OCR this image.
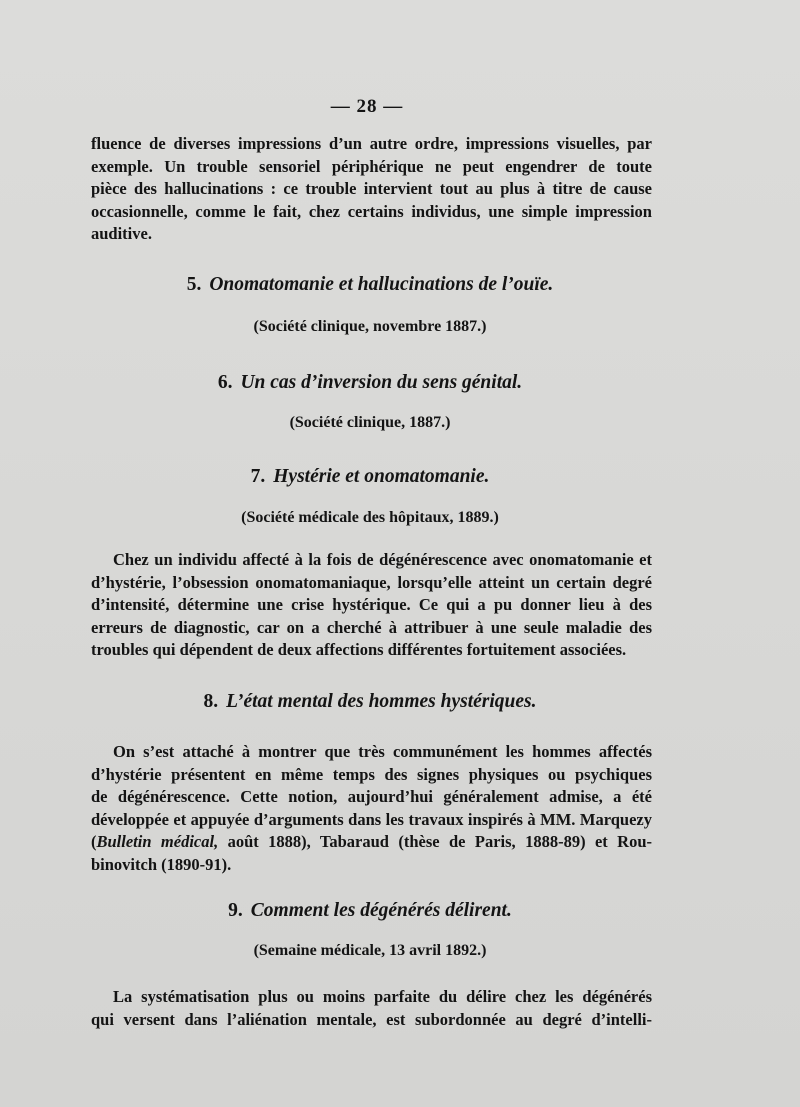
— 28 —

fluence de diverses impressions d’un autre ordre, impressions visuelles, par
exemple. Un trouble sensoriel périphérique ne peut engendrer de toute
pièce des hallucinations : ce trouble intervient tout au plus à titre de cause
occasionnelle, comme le fait, chez certains individus, une simple impression
auditive.

5. Onomatomanie et hallucinations de l’ouïe.

(Société clinique, novembre 1887.)

6. Un cas d’inversion du sens génital.

(Société clinique, 1887.)

7. Hystérie et onomatomanie.

(Société médicale des hôpitaux, 1889.)

Chez un individu affecté à la fois de dégénérescence avec onomatomanie et
d’hystérie, l’obsession onomatomaniaque, lorsqu’elle atteint un certain degré
d’intensité, détermine une crise hystérique. Ce qui a pu donner lieu à des
erreurs de diagnostic, car on a cherché à attribuer à une seule maladie des
troubles qui dépendent de deux affections différentes fortuitement associées.

8. L’état mental des hommes hystériques.

On s’est attaché à montrer que très communément les hommes affectés
d’hystérie présentent en même temps des signes physiques ou psychiques
de dégénérescence. Cette notion, aujourd’hui généralement admise, a été
développée et appuyée d’arguments dans les travaux inspirés à MM. Marquezy
(Bulletin médical, août 1888), Tabaraud (thèse de Paris, 1888-89) et Rou-
binovitch (1890-91).

9. Comment les dégénérés délirent.

(Semaine médicale, 13 avril 1892.)

La systématisation plus ou moins parfaite du délire chez les dégénérés
qui versent dans l’aliénation mentale, est subordonnée au degré d’intelli-
